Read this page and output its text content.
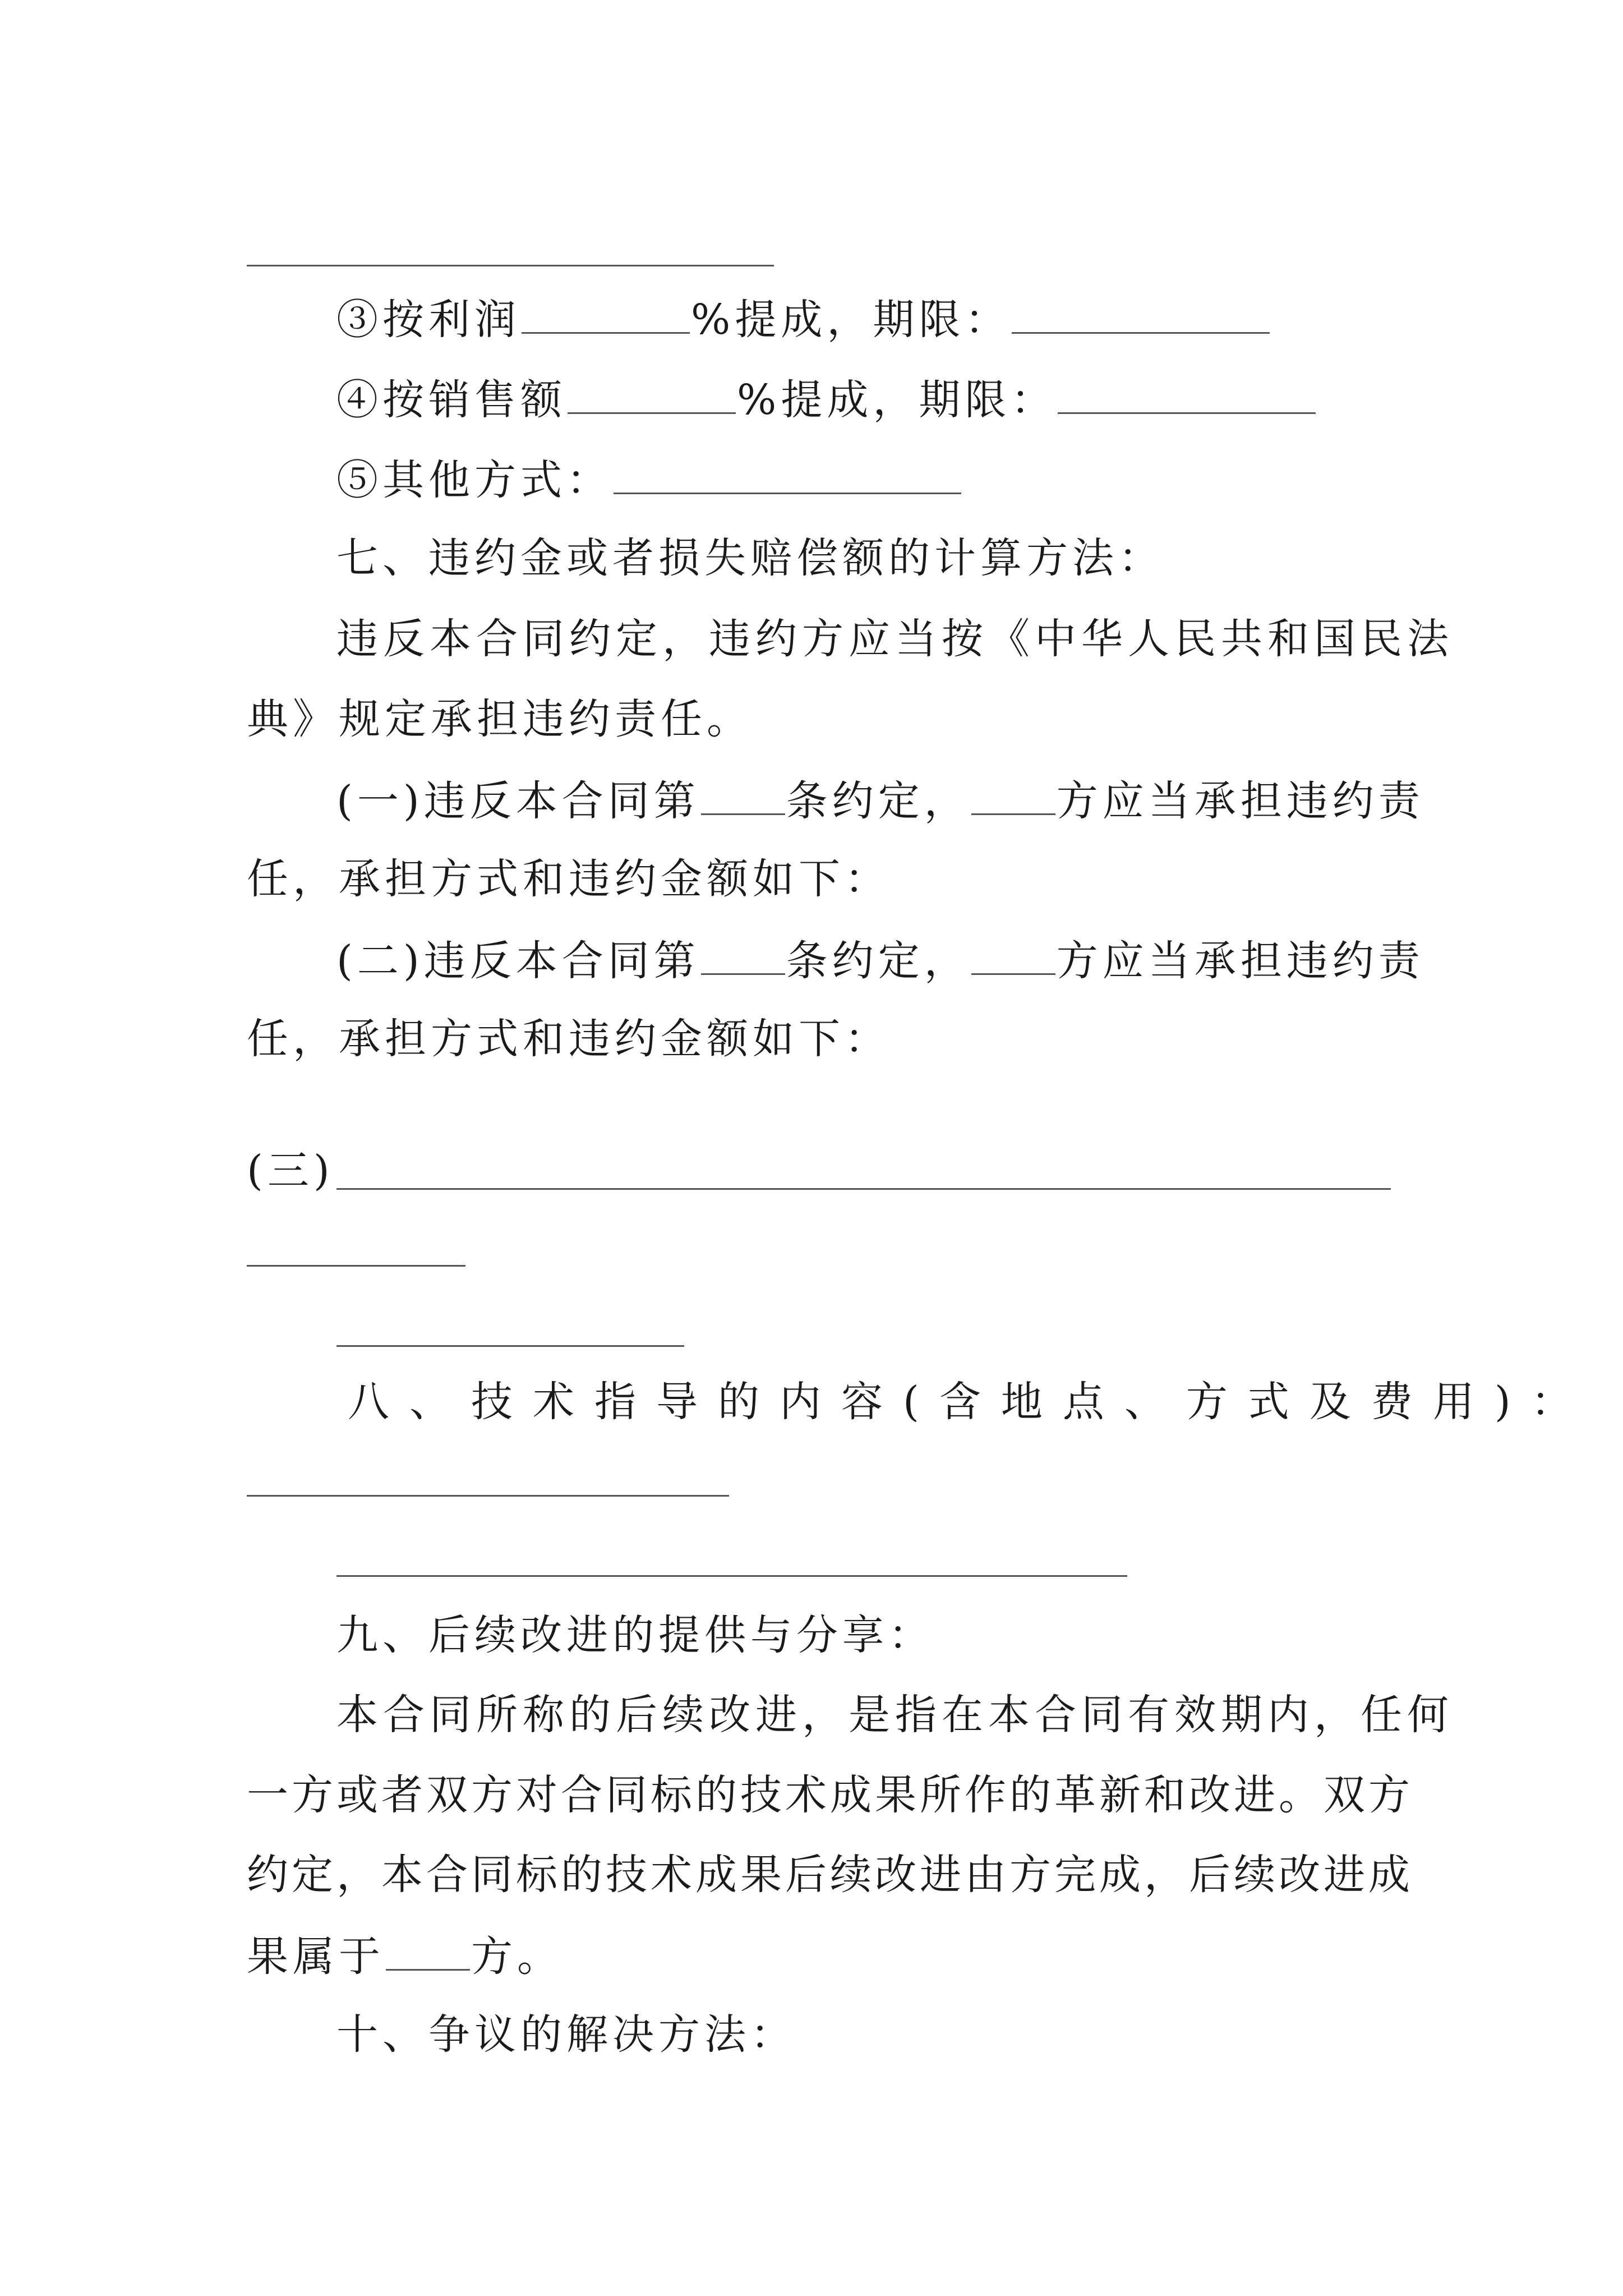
③按利润	%提成，期限：
④按销售额	%提成，期限：
⑤其他方式：
七、违约金或者损失赔偿额的计算方法：
违反本合同约定，违约方应当按《中华人民共和国民法
典》规定承担违约责任。
(一)违反本合同第 条约定， 方应当承担违约责
任，承担方式和违约金额如下：
(二)违反本合同第 条约定， 方应当承担违约责
任，承担方式和违约金额如下：
(三)
八、技术指导的内容(含地点、方式及费用)：
九、后续改进的提供与分享：
本合同所称的后续改进，是指在本合同有效期内，任何
一方或者双方对合同标的技术成果所作的革新和改进。双方
约定，本合同标的技术成果后续改进由方完成，后续改进成
果属于 方。
十、争议的解决方法：
